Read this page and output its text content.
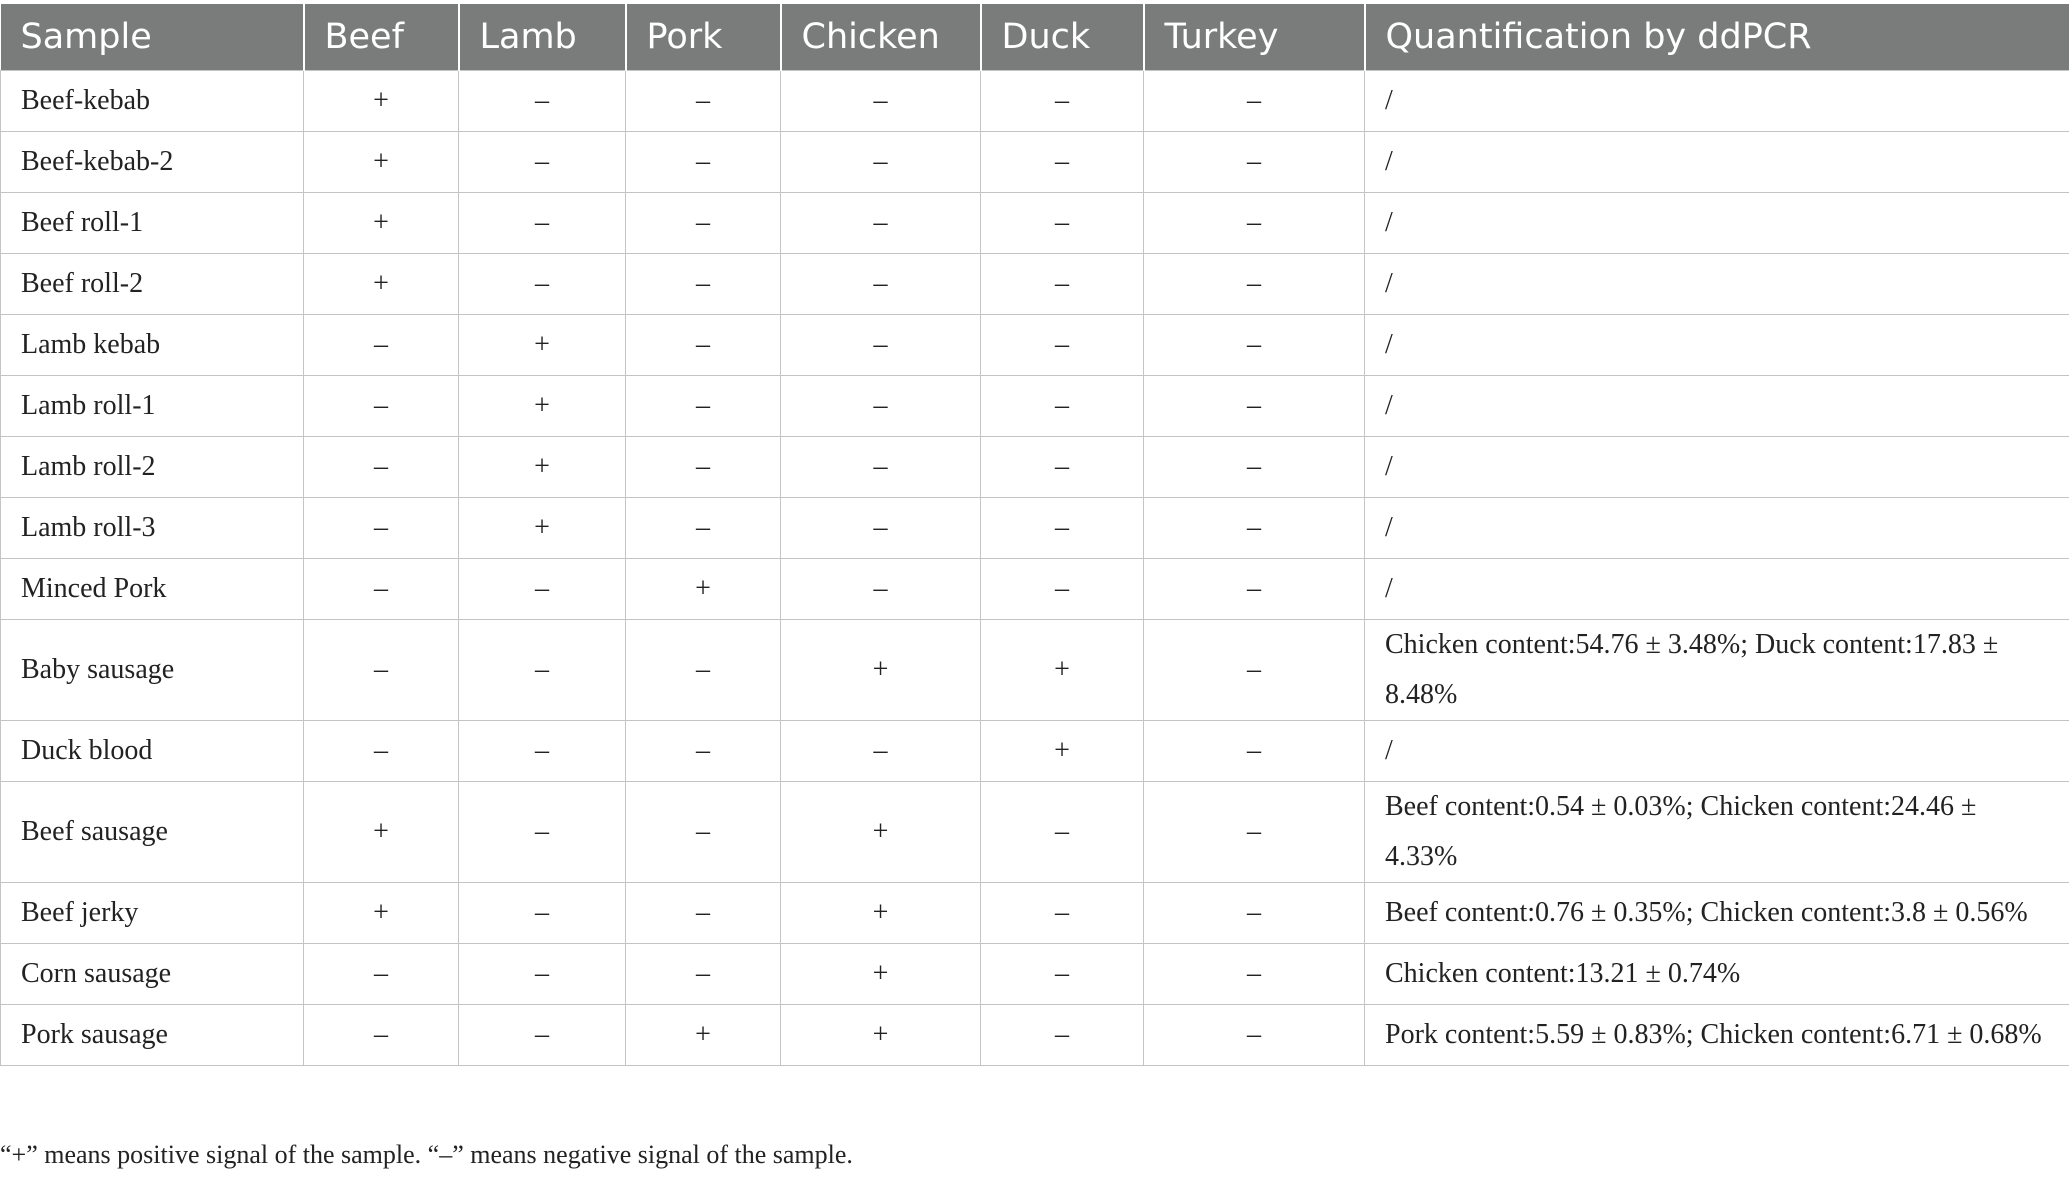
Sample	Beef	Lamb	Pork	Chicken	Duck	Turkey	Quantification by ddPCR
Beef-kebab	+	–	–	–	–	–	/
Beef-kebab-2	+	–	–	–	–	–	/
Beef roll-1	+	–	–	–	–	–	/
Beef roll-2	+	–	–	–	–	–	/
Lamb kebab	–	+	–	–	–	–	/
Lamb roll-1	–	+	–	–	–	–	/
Lamb roll-2	–	+	–	–	–	–	/
Lamb roll-3	–	+	–	–	–	–	/
Minced Pork	–	–	+	–	–	–	/
Baby sausage	–	–	–	+	+	–	Chicken content:54.76 ± 3.48%; Duck content:17.83 ± 8.48%
Duck blood	–	–	–	–	+	–	/
Beef sausage	+	–	–	+	–	–	Beef content:0.54 ± 0.03%; Chicken content:24.46 ± 4.33%
Beef jerky	+	–	–	+	–	–	Beef content:0.76 ± 0.35%; Chicken content:3.8 ± 0.56%
Corn sausage	–	–	–	+	–	–	Chicken content:13.21 ± 0.74%
Pork sausage	–	–	+	+	–	–	Pork content:5.59 ± 0.83%; Chicken content:6.71 ± 0.68%
“+” means positive signal of the sample. “–” means negative signal of the sample.
